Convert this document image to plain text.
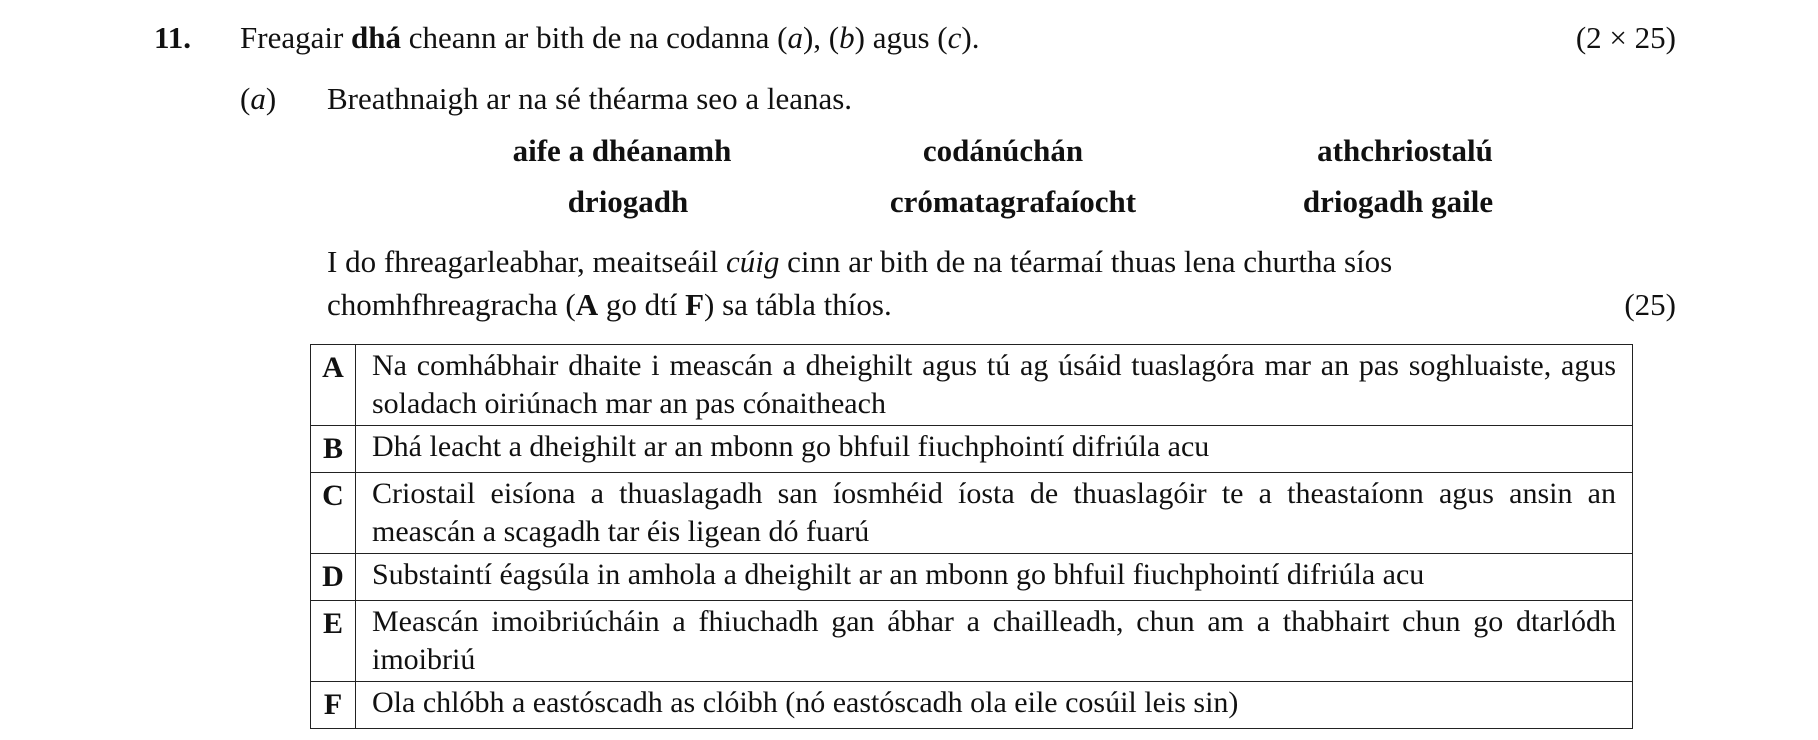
11. Freagair dhá cheann ar bith de na codanna (a), (b) agus (c).	(2 × 25)
(a) Breathnaigh ar na sé théarma seo a leanas.
aife a dhéanamh	codánúchán	athchriostalú
driogadh	crómatagrafaíocht	driogadh gaile
I do fhreagarleabhar, meaitseáil cúig cinn ar bith de na téarmaí thuas lena churtha síos
chomhfhreagracha (A go dtí F) sa tábla thíos.	(25)
A	Na comhábhair dhaite i meascán a dheighilt agus tú ag úsáid tuaslagóra mar an pas soghluaiste, agus soladach oiriúnach mar an pas cónaitheach
B	Dhá leacht a dheighilt ar an mbonn go bhfuil fiuchphointí difriúla acu
C	Criostail eisíona a thuaslagadh san íosmhéid íosta de thuaslagóir te a theastaíonn agus ansin an meascán a scagadh tar éis ligean dó fuarú
D	Substaintí éagsúla in amhola a dheighilt ar an mbonn go bhfuil fiuchphointí difriúla acu
E	Meascán imoibriúcháin a fhiuchadh gan ábhar a chailleadh, chun am a thabhairt chun go dtarlódh imoibriú
F	Ola chlóbh a eastóscadh as clóibh (nó eastóscadh ola eile cosúil leis sin)
